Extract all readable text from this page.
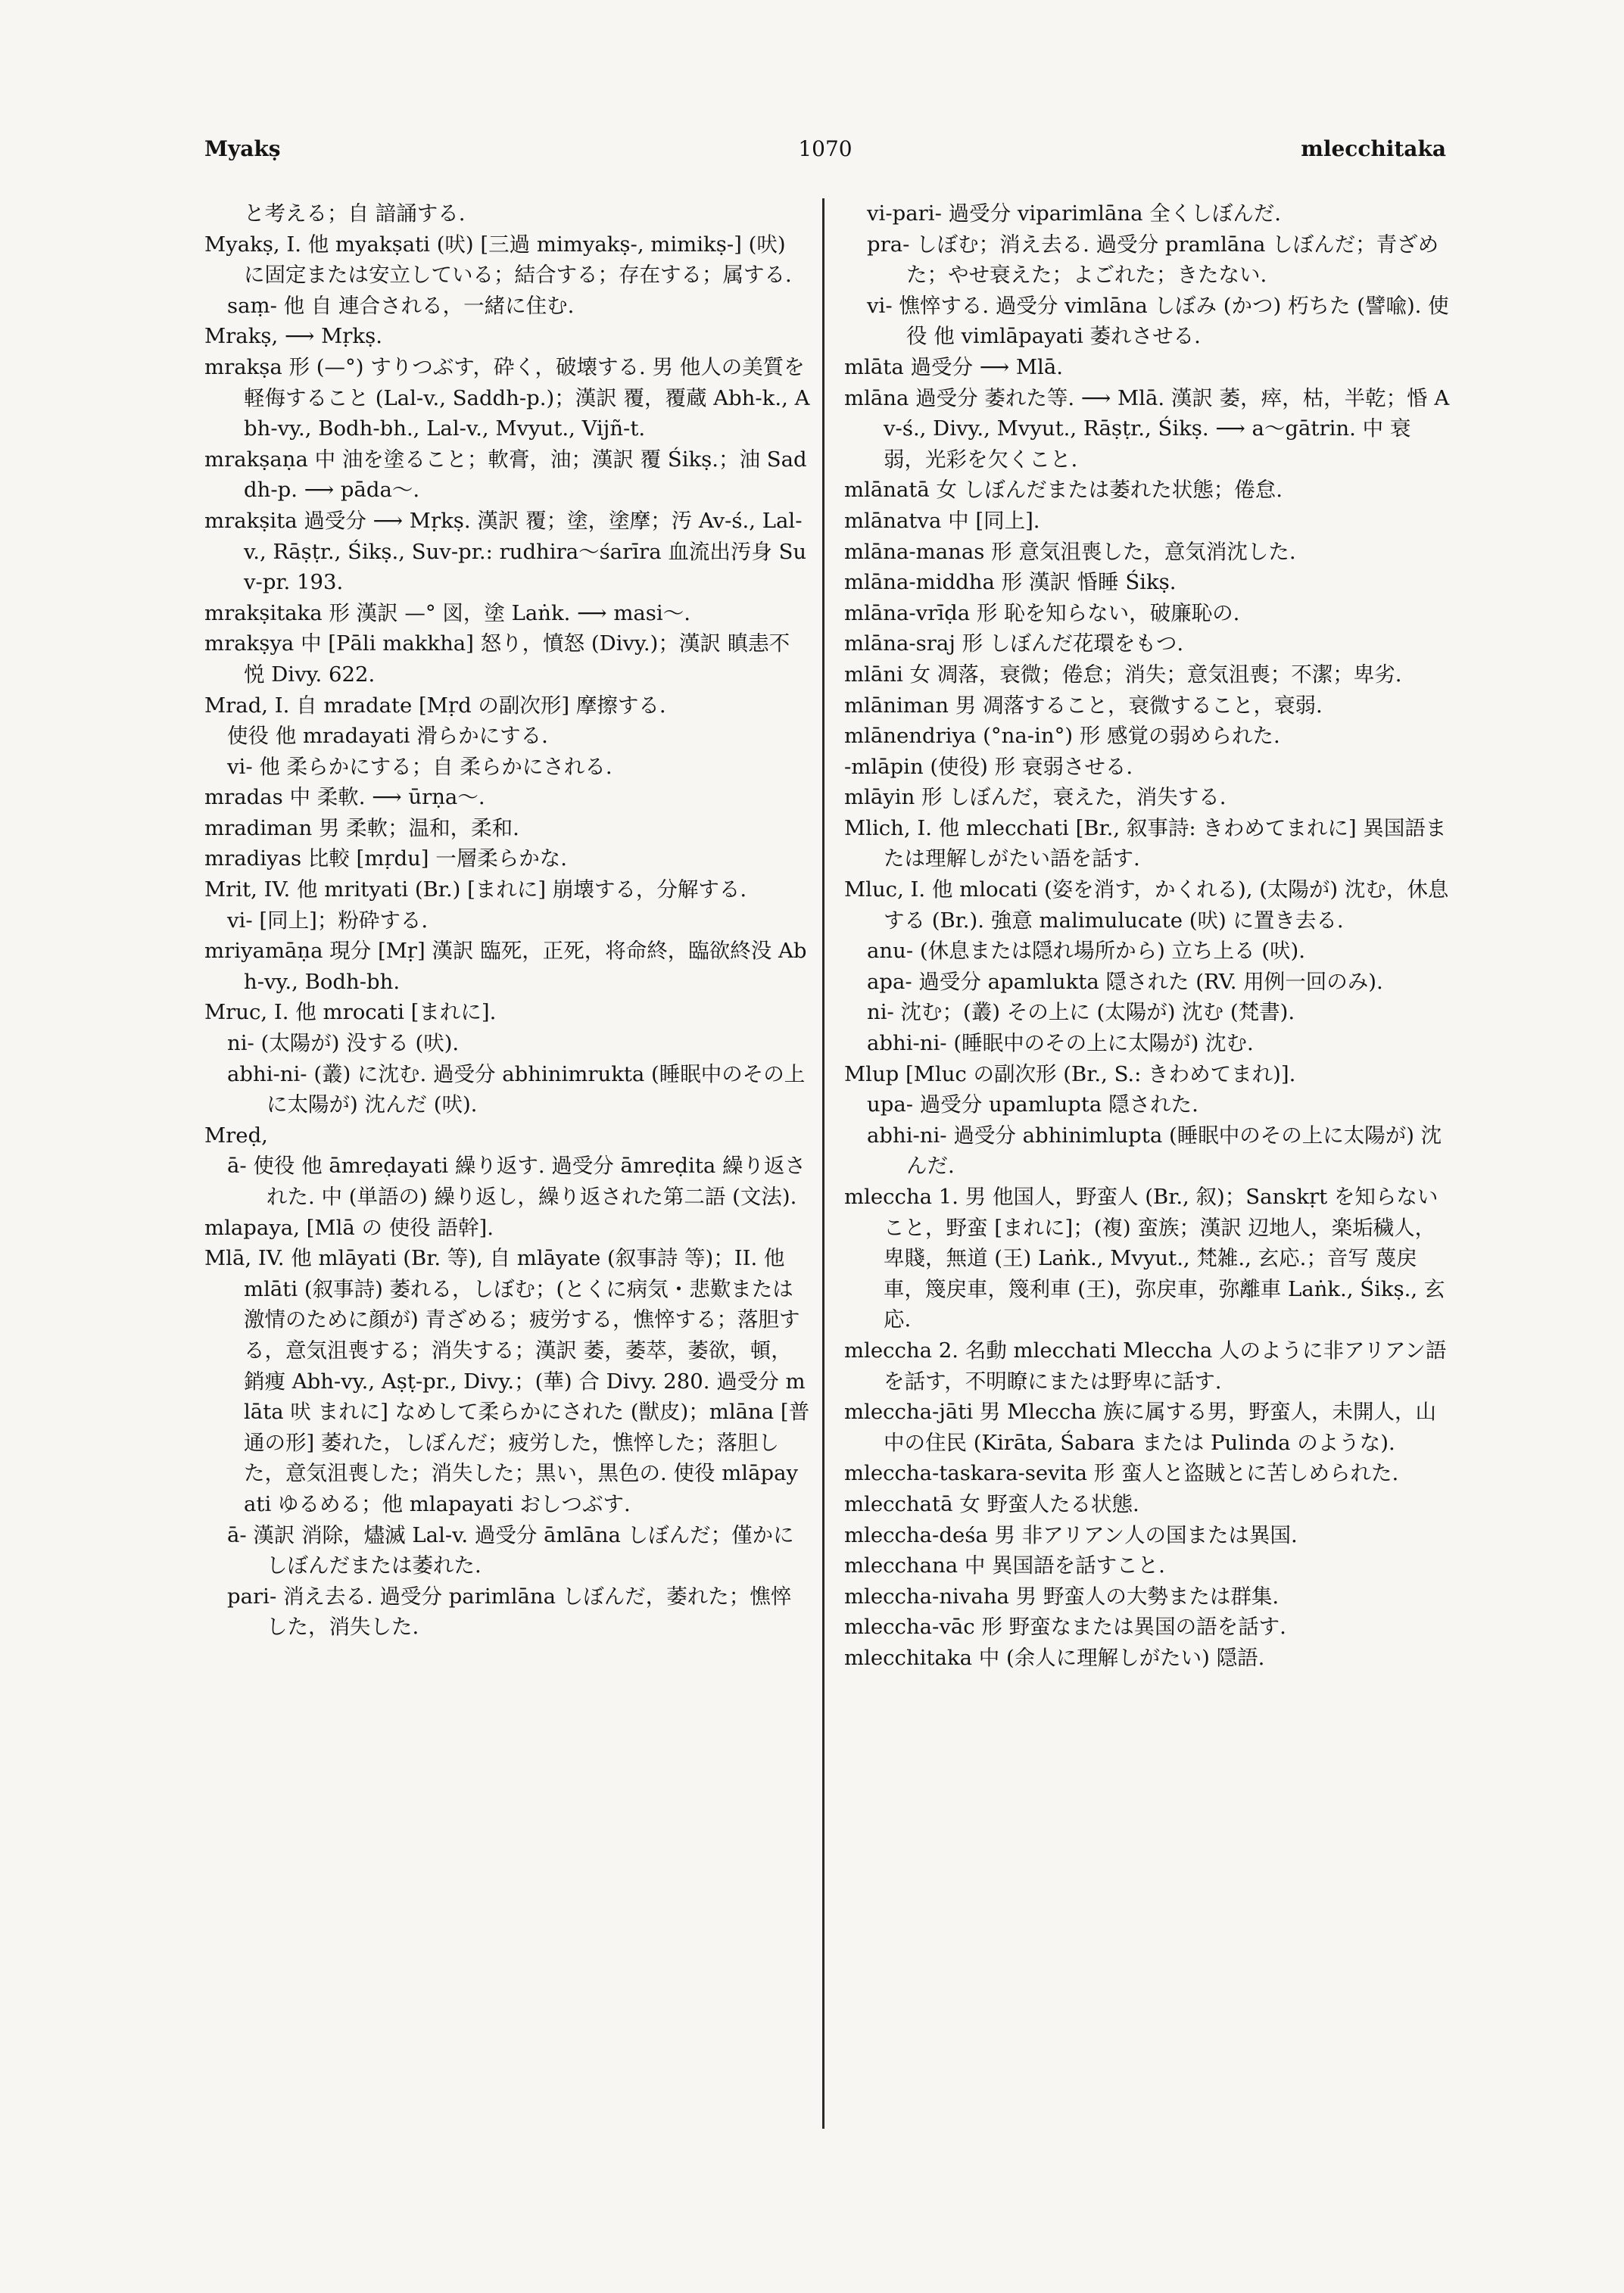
Myakṣ	1070	mlecchitaka

と考える；自 諳誦する.

Myakṣ, I. 他 myakṣati (吠) [三過 mimyakṣ-, mimikṣ-] (吠) に固定または安立している；結合する；存在する；属する.

saṃ- 他 自 連合される，一緒に住む.

Mrakṣ, ⟶ Mṛkṣ.

mrakṣa 形 (—°) すりつぶす，砕く，破壊する. 男 他人の美質を軽侮すること (Lal-v., Saddh-p.)；漢訳 覆，覆蔵 Abh-k., Abh-vy., Bodh-bh., Lal-v., Mvyut., Vijñ-t.

mrakṣaṇa 中 油を塗ること；軟膏，油；漢訳 覆 Śikṣ.；油 Saddh-p. ⟶ pāda～.

mrakṣita 過受分 ⟶ Mṛkṣ. 漢訳 覆；塗，塗摩；汚 Av-ś., Lal-v., Rāṣṭr., Śikṣ., Suv-pr.: rudhira～śarīra 血流出汚身 Suv-pr. 193.

mrakṣitaka 形 漢訳 —° 図，塗 Laṅk. ⟶ masi～.

mrakṣya 中 [Pāli makkha] 怒り，憤怒 (Divy.)；漢訳 瞋恚不悦 Divy. 622.

Mrad, I. 自 mradate [Mṛd の副次形] 摩擦する.

使役 他 mradayati 滑らかにする.

vi- 他 柔らかにする；自 柔らかにされる.

mradas 中 柔軟. ⟶ ūrṇa～.

mradiman 男 柔軟；温和，柔和.

mradiyas 比較 [mṛdu] 一層柔らかな.

Mrit, IV. 他 mrityati (Br.) [まれに] 崩壊する，分解する.

vi- [同上]；粉砕する.

mriyamāṇa 現分 [Mṛ] 漢訳 臨死，正死，将命終，臨欲終没 Abh-vy., Bodh-bh.

Mruc, I. 他 mrocati [まれに].

ni- (太陽が) 没する (吠).

abhi-ni- (叢) に沈む. 過受分 abhinimrukta (睡眠中のその上に太陽が) 沈んだ (吠).

Mreḍ,

ā- 使役 他 āmreḍayati 繰り返す. 過受分 āmreḍita 繰り返された. 中 (単語の) 繰り返し，繰り返された第二語 (文法).

mlapaya, [Mlā の 使役 語幹].

Mlā, IV. 他 mlāyati (Br. 等), 自 mlāyate (叙事詩 等)；II. 他 mlāti (叙事詩) 萎れる，しぼむ；(とくに病気・悲歎または激情のために顔が) 青ざめる；疲労する，憔悴する；落胆する，意気沮喪する；消失する；漢訳 萎，萎萃，萎欲，頓，銷痩 Abh-vy., Aṣṭ-pr., Divy.；(華) 合 Divy. 280. 過受分 mlāta 吠 まれに] なめして柔らかにされた (獣皮)；mlāna [普通の形] 萎れた，しぼんだ；疲労した，憔悴した；落胆した，意気沮喪した；消失した；黒い，黒色の. 使役 mlāpayati ゆるめる；他 mlapayati おしつぶす.

ā- 漢訳 消除，燼滅 Lal-v. 過受分 āmlāna しぼんだ；僅かにしぼんだまたは萎れた.

pari- 消え去る. 過受分 parimlāna しぼんだ，萎れた；憔悴した，消失した.

vi-pari- 過受分 viparimlāna 全くしぼんだ.

pra- しぼむ；消え去る. 過受分 pramlāna しぼんだ；青ざめた；やせ衰えた；よごれた；きたない.

vi- 憔悴する. 過受分 vimlāna しぼみ (かつ) 朽ちた (譬喩). 使役 他 vimlāpayati 萎れさせる.

mlāta 過受分 ⟶ Mlā.

mlāna 過受分 萎れた等. ⟶ Mlā. 漢訳 萎，瘁，枯，半乾；惛 Av-ś., Divy., Mvyut., Rāṣṭr., Śikṣ. ⟶ a～gātrin. 中 衰弱，光彩を欠くこと.

mlānatā 女 しぼんだまたは萎れた状態；倦怠.

mlānatva 中 [同上].

mlāna-manas 形 意気沮喪した，意気消沈した.

mlāna-middha 形 漢訳 惛睡 Śikṣ.

mlāna-vrīḍa 形 恥を知らない，破廉恥の.

mlāna-sraj 形 しぼんだ花環をもつ.

mlāni 女 凋落，衰微；倦怠；消失；意気沮喪；不潔；卑劣.

mlāniman 男 凋落すること，衰微すること，衰弱.

mlānendriya (°na-in°) 形 感覚の弱められた.

-mlāpin (使役) 形 衰弱させる.

mlāyin 形 しぼんだ，衰えた，消失する.

Mlich, I. 他 mlecchati [Br., 叙事詩: きわめてまれに] 異国語または理解しがたい語を話す.

Mluc, I. 他 mlocati (姿を消す，かくれる), (太陽が) 沈む，休息する (Br.). 強意 malimulucate (吠) に置き去る.

anu- (休息または隠れ場所から) 立ち上る (吠).

apa- 過受分 apamlukta 隠された (RV. 用例一回のみ).

ni- 沈む；(叢) その上に (太陽が) 沈む (梵書).

abhi-ni- (睡眠中のその上に太陽が) 沈む.

Mlup [Mluc の副次形 (Br., S.: きわめてまれ)].

upa- 過受分 upamlupta 隠された.

abhi-ni- 過受分 abhinimlupta (睡眠中のその上に太陽が) 沈んだ.

mleccha 1. 男 他国人，野蛮人 (Br., 叙)；Sanskṛt を知らないこと，野蛮 [まれに]；(複) 蛮族；漢訳 辺地人，楽垢穢人，卑賤，無道 (王) Laṅk., Mvyut., 梵雑., 玄応.；音写 蔑戻車，篾戻車，篾利車 (王)，弥戻車，弥離車 Laṅk., Śikṣ., 玄応.

mleccha 2. 名動 mlecchati Mleccha 人のように非アリアン語を話す，不明瞭にまたは野卑に話す.

mleccha-jāti 男 Mleccha 族に属する男，野蛮人，未開人，山中の住民 (Kirāta, Śabara または Pulinda のような).

mleccha-taskara-sevita 形 蛮人と盗賊とに苦しめられた.

mlecchatā 女 野蛮人たる状態.

mleccha-deśa 男 非アリアン人の国または異国.

mlecchana 中 異国語を話すこと.

mleccha-nivaha 男 野蛮人の大勢または群集.

mleccha-vāc 形 野蛮なまたは異国の語を話す.

mlecchitaka 中 (余人に理解しがたい) 隠語.
